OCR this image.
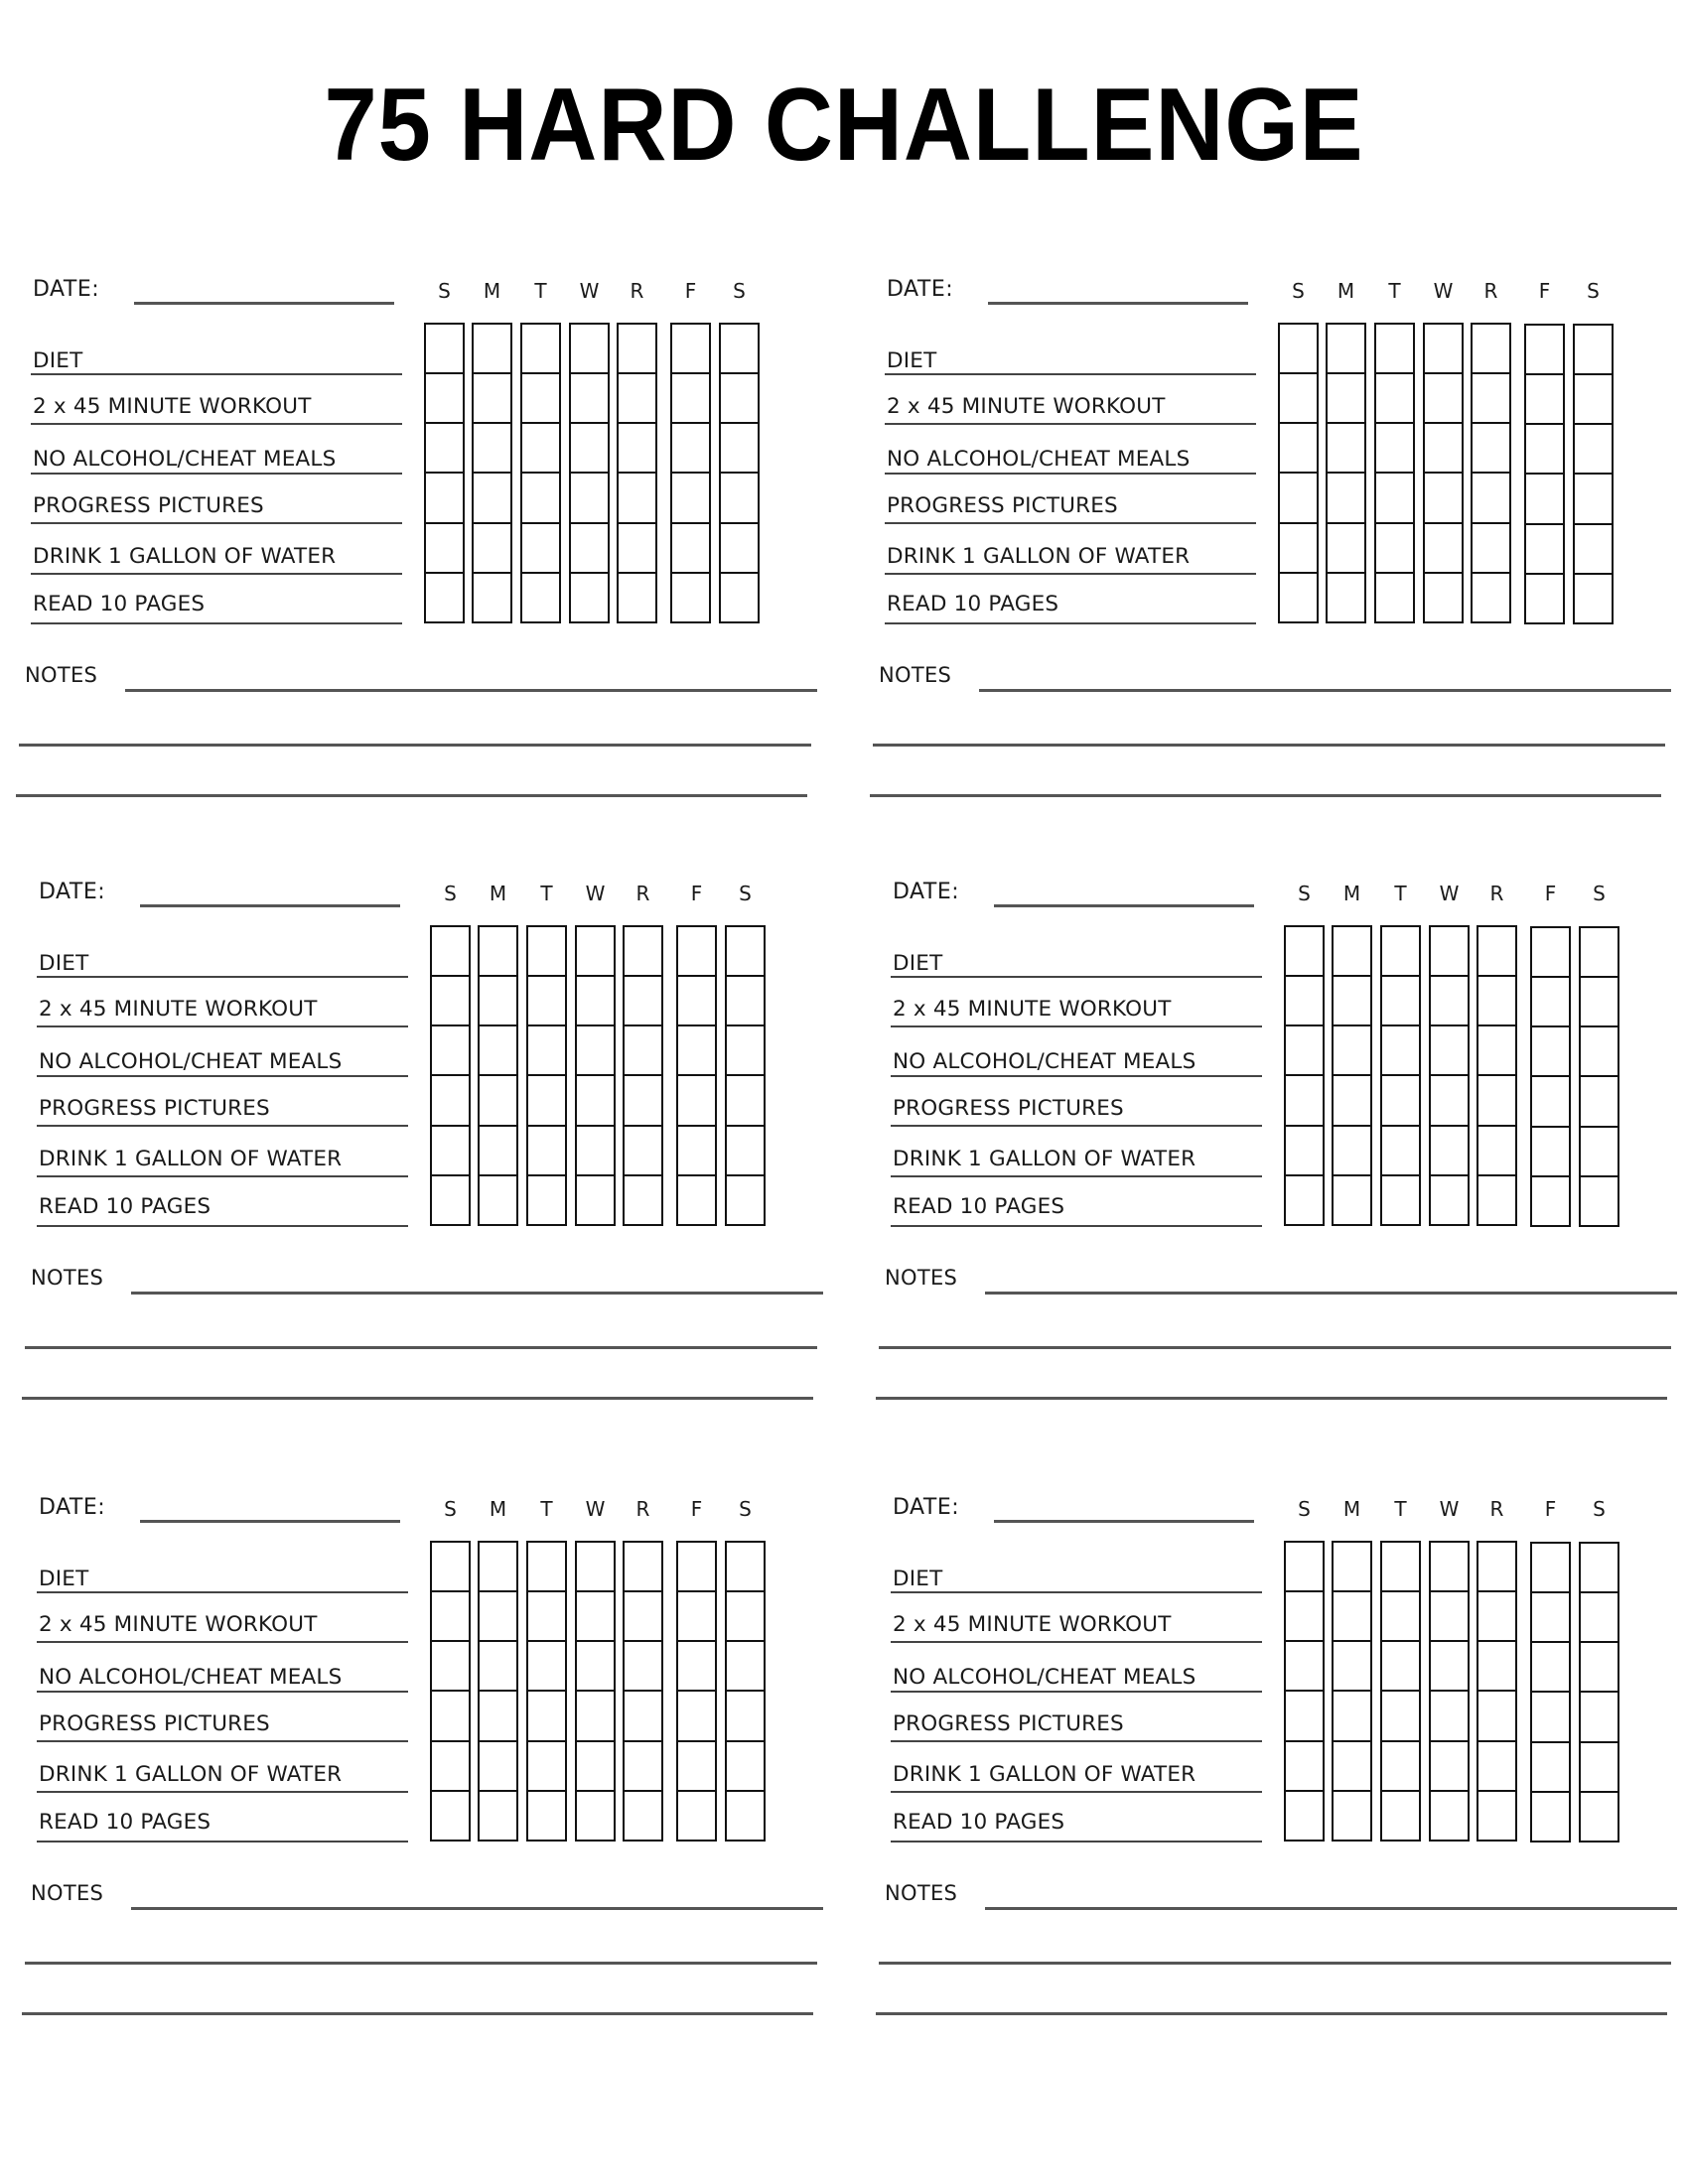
75 HARD CHALLENGE
DATE:	S	M	T	W	R	F	S
DIET
2 x 45 MINUTE WORKOUT
NO ALCOHOL/CHEAT MEALS
PROGRESS PICTURES
DRINK 1 GALLON OF WATER
READ 10 PAGES
NOTES
DATE:	S	M	T	W	R	F	S
DIET
2 x 45 MINUTE WORKOUT
NO ALCOHOL/CHEAT MEALS
PROGRESS PICTURES
DRINK 1 GALLON OF WATER
READ 10 PAGES
NOTES
DATE:	S	M	T	W	R	F	S
DIET
2 x 45 MINUTE WORKOUT
NO ALCOHOL/CHEAT MEALS
PROGRESS PICTURES
DRINK 1 GALLON OF WATER
READ 10 PAGES
NOTES
DATE:	S	M	T	W	R	F	S
DIET
2 x 45 MINUTE WORKOUT
NO ALCOHOL/CHEAT MEALS
PROGRESS PICTURES
DRINK 1 GALLON OF WATER
READ 10 PAGES
NOTES
DATE:	S	M	T	W	R	F	S
DIET
2 x 45 MINUTE WORKOUT
NO ALCOHOL/CHEAT MEALS
PROGRESS PICTURES
DRINK 1 GALLON OF WATER
READ 10 PAGES
NOTES
DATE:	S	M	T	W	R	F	S
DIET
2 x 45 MINUTE WORKOUT
NO ALCOHOL/CHEAT MEALS
PROGRESS PICTURES
DRINK 1 GALLON OF WATER
READ 10 PAGES
NOTES
